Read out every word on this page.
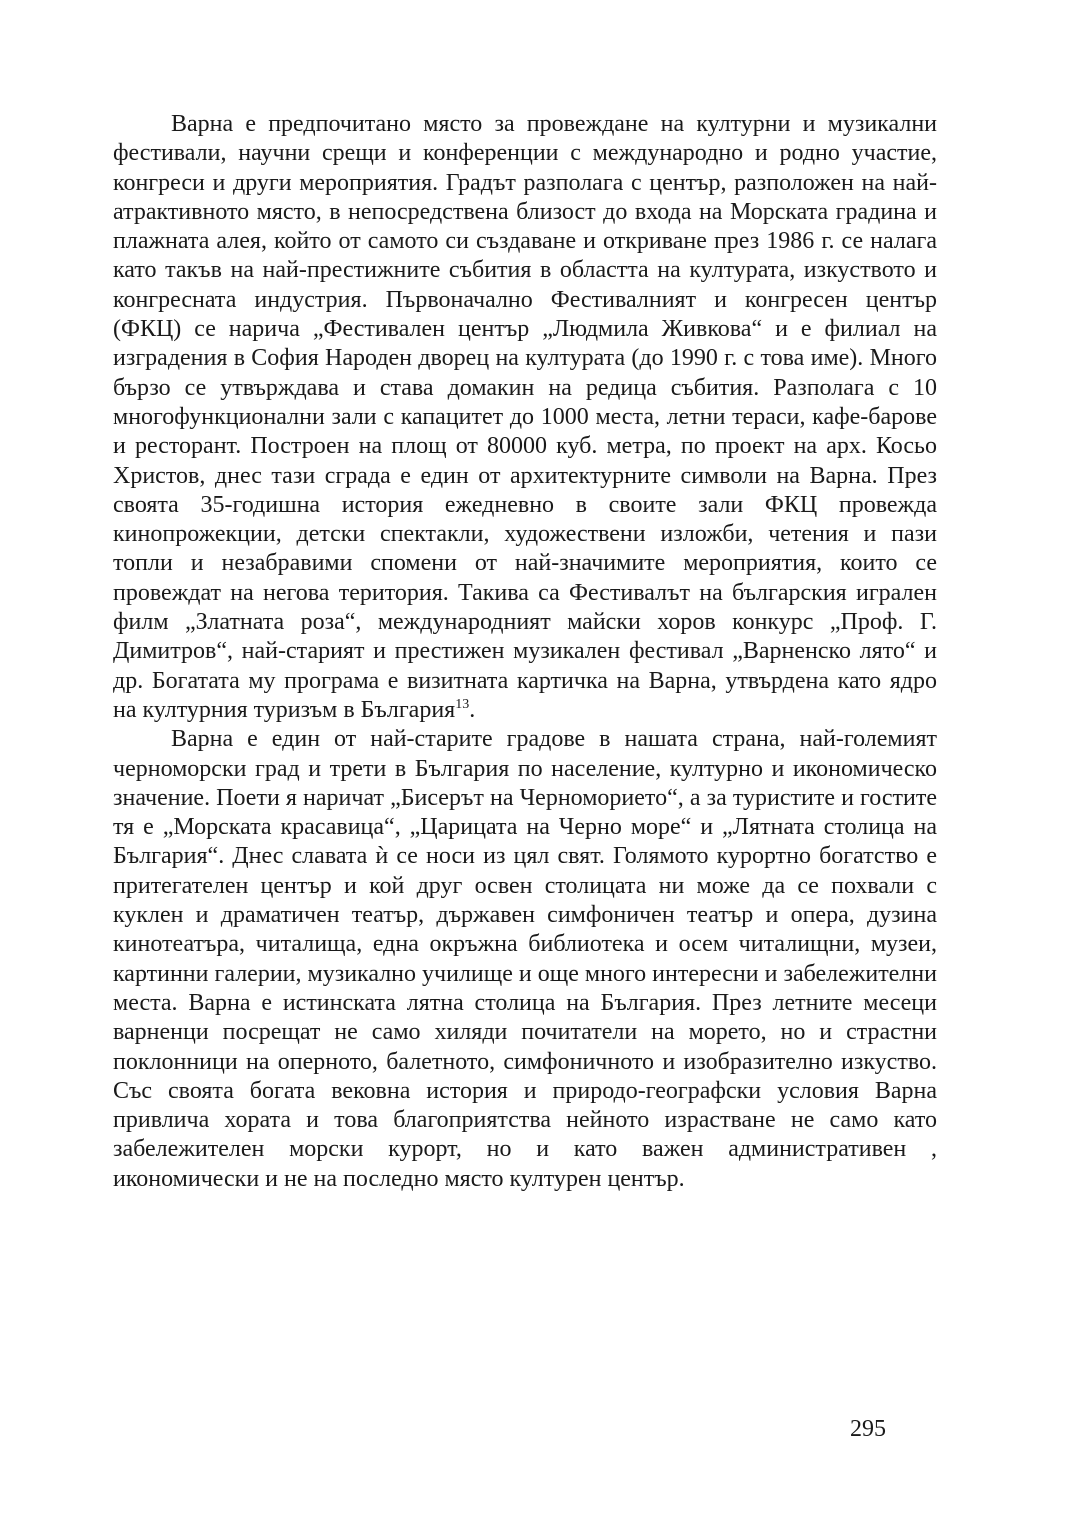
Варна е предпочитано място за провеждане на културни и музикални фестивали, научни срещи и конференции с международно и родно участие, конгреси и други мероприятия. Градът разполага с център, разположен на най-атрактивното място, в непосредствена близост до входа на Морската градина и плажната алея, който от самото си създаване и откриване през 1986 г. се налага като такъв на най-престижните събития в областта на културата, изкуството и конгресната индустрия. Първоначално Фестивалният и конгресен център (ФКЦ) се нарича „Фестивален център „Людмила Живкова“ и е филиал на изградения в София Народен дворец на културата (до 1990 г. с това име). Много бързо се утвърждава и става домакин на редица събития. Разполага с 10 многофункционални зали с капацитет до 1000 места, летни тераси, кафе-барове и ресторант. Построен на площ от 80000 куб. метра, по проект на арх. Косьо Христов, днес тази сграда е един от архитектурните символи на Варна. През своята 35-годишна история ежедневно в своите зали ФКЦ провежда кинопрожекции, детски спектакли, художествени изложби, четения и пази топли и незабравими спомени от най-значимите мероприятия, които се провеждат на негова територия. Такива са Фестивалът на българския игрален филм „Златната роза“, международният майски хоров конкурс „Проф. Г. Димитров“, най-старият и престижен музикален фестивал „Варненско лято“ и др. Богатата му програма е визитната картичка на Варна, утвърдена като ядро на културния туризъм в България$^{13}$.

Варна е един от най-старите градове в нашата страна, най-големият черноморски град и трети в България по население, културно и икономическо значение. Поети я наричат „Бисерът на Черноморието“, а за туристите и гостите тя е „Морската красавица“, „Царицата на Черно море“ и „Лятната столица на България“. Днес славата ѝ се носи из цял свят. Голямото курортно богатство е притегателен център и кой друг освен столицата ни може да се похвали с куклен и драматичен театър, държавен симфоничен театър и опера, дузина кинотеатъра, читалища, една окръжна библиотека и осем читалищни, музеи, картинни галерии, музикално училище и още много интересни и забележителни места. Варна е истинската лятна столица на България. През летните месеци варненци посрещат не само хиляди почитатели на морето, но и страстни поклонници на оперното, балетното, симфоничното и изобразително изкуство. Със своята богата вековна история и природо-географски условия Варна привлича хората и това благоприятства нейното израстване не само като забележителен морски курорт, но и като важен административен , икономически и не на последно място културен център.

295
